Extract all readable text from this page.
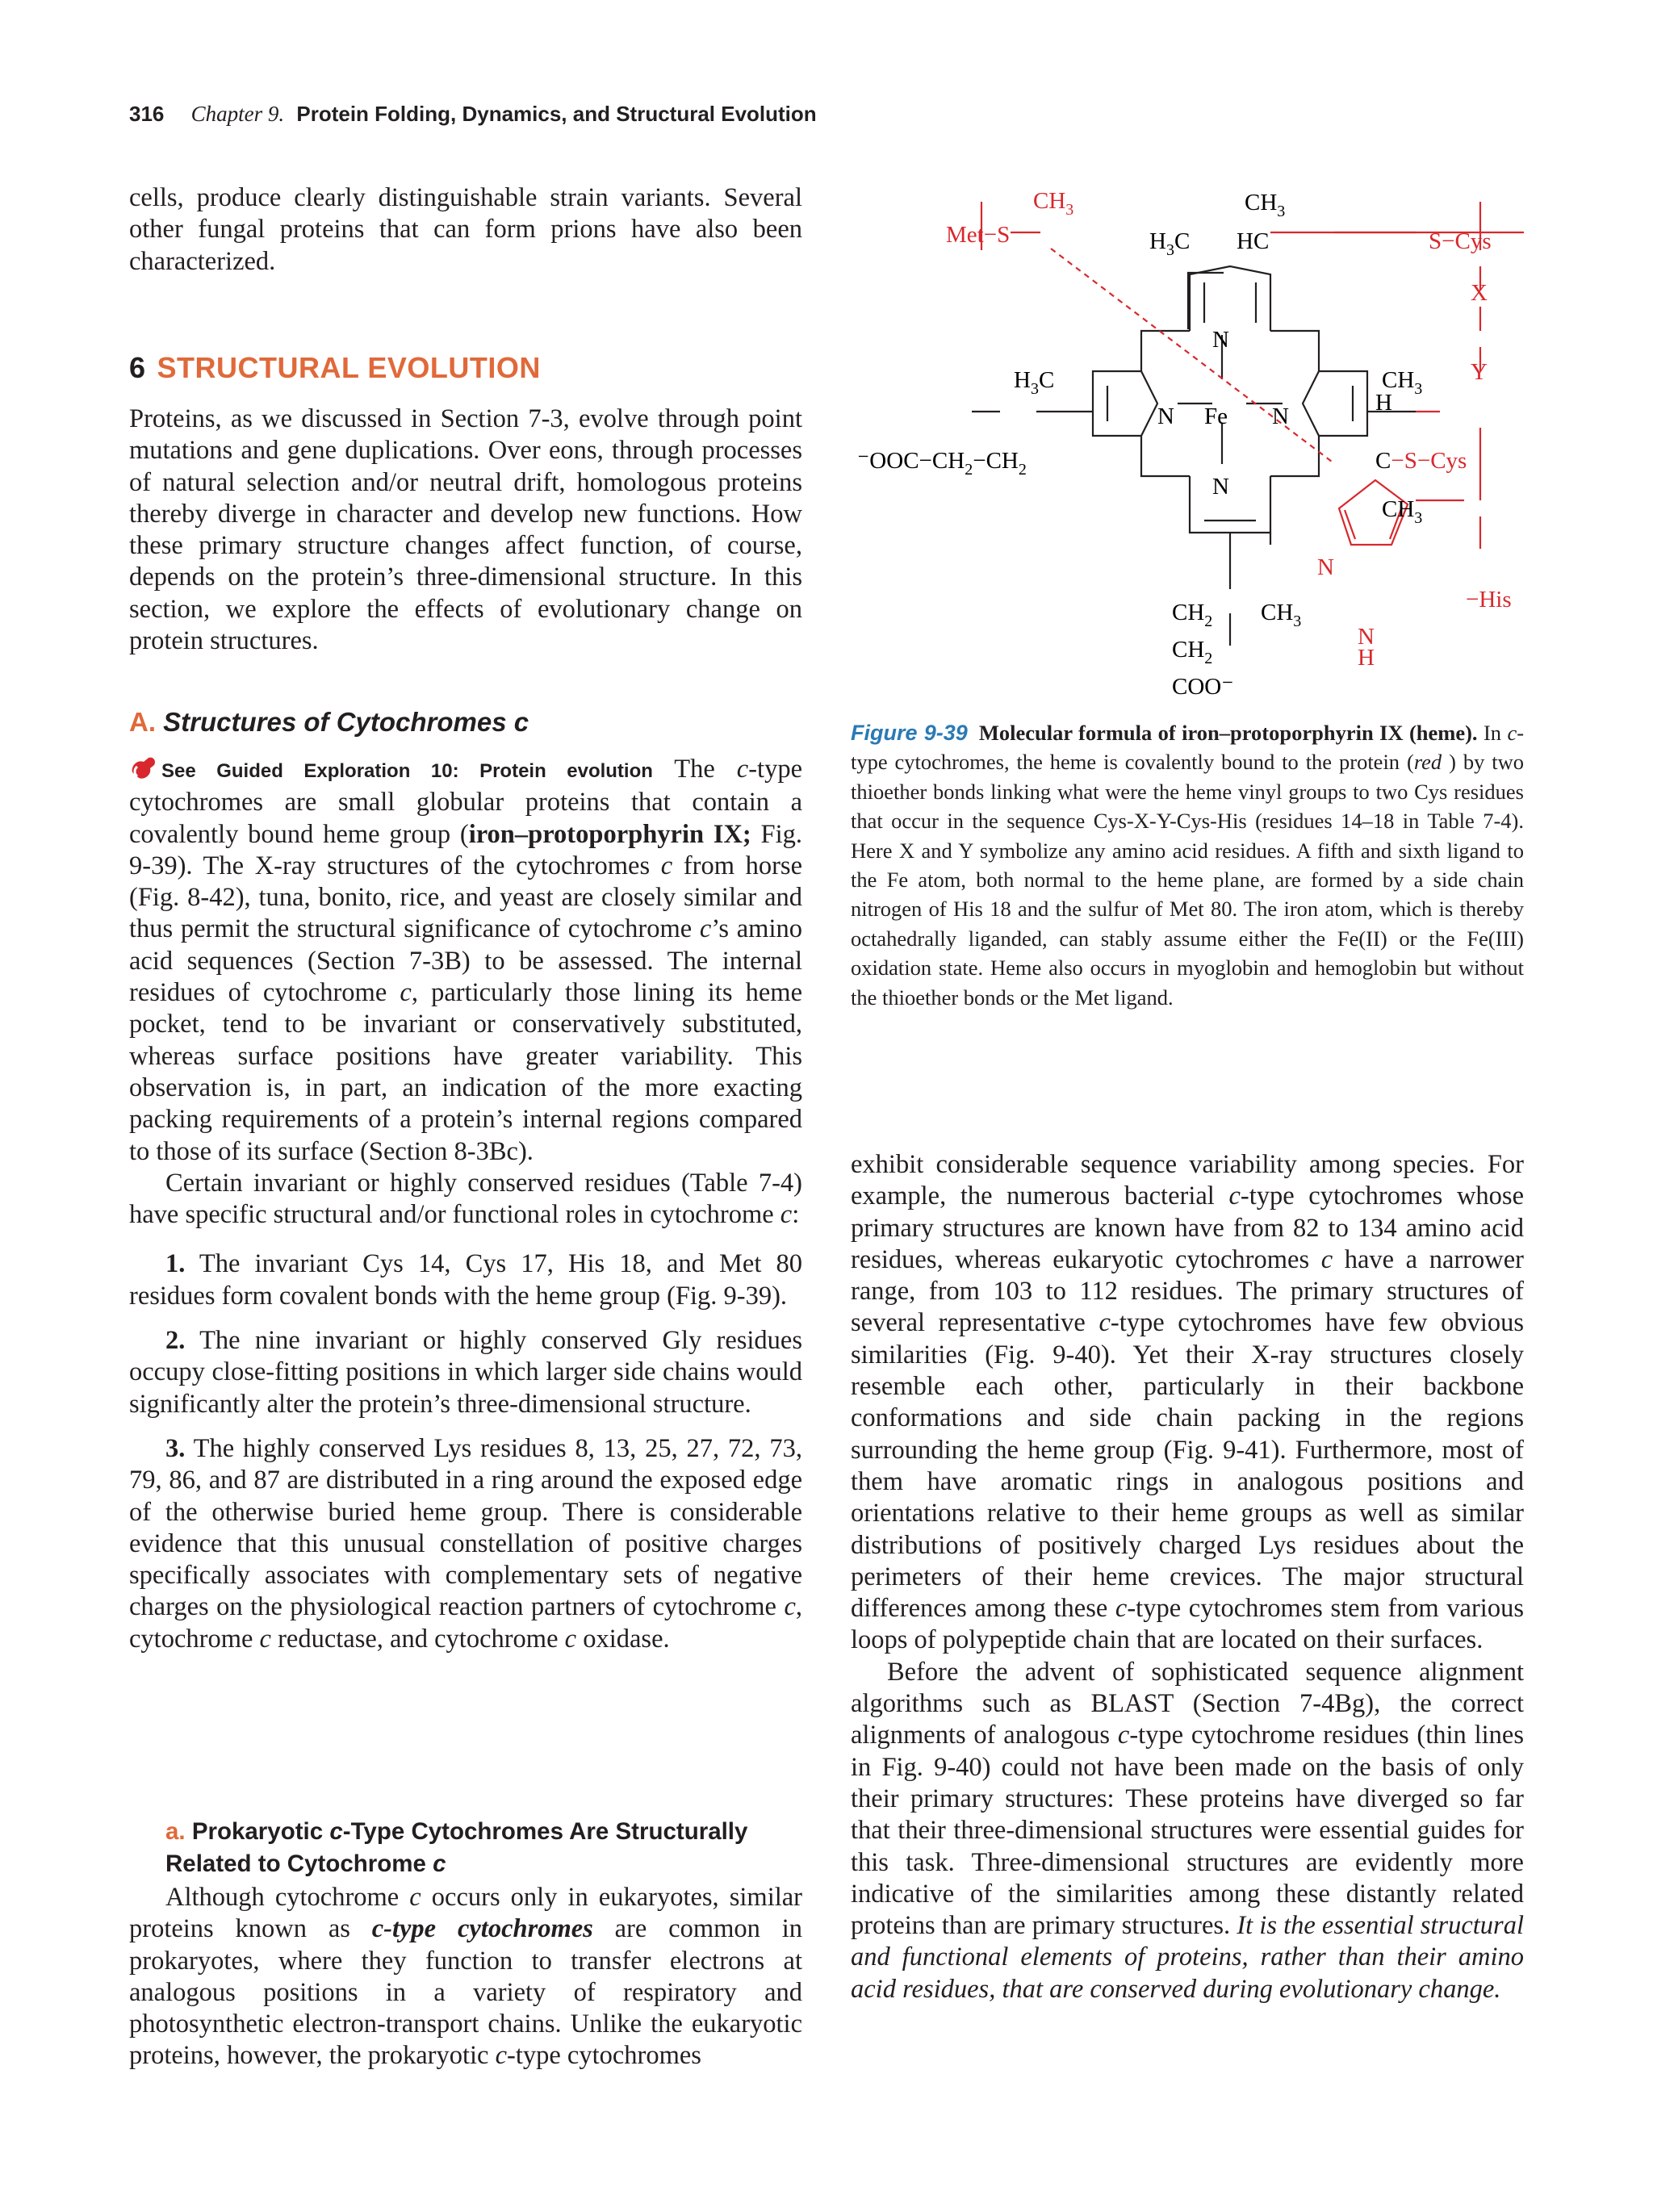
316 Chapter 9. Protein Folding, Dynamics, and Structural Evolution

cells, produce clearly distinguishable strain variants. Several other fungal proteins that can form prions have also been characterized.

6 STRUCTURAL EVOLUTION

Proteins, as we discussed in Section 7-3, evolve through point mutations and gene duplications. Over eons, through processes of natural selection and/or neutral drift, homologous proteins thereby diverge in character and develop new functions. How these primary structure changes affect function, of course, depends on the protein’s three-dimensional structure. In this section, we explore the effects of evolutionary change on protein structures.

A. Structures of Cytochromes c

See Guided Exploration 10: Protein evolution The c-type cytochromes are small globular proteins that contain a covalently bound heme group (iron–protoporphyrin IX; Fig. 9-39). The X-ray structures of the cytochromes c from horse (Fig. 8-42), tuna, bonito, rice, and yeast are closely similar and thus permit the structural significance of cytochrome c’s amino acid sequences (Section 7-3B) to be assessed. The internal residues of cytochrome c, particularly those lining its heme pocket, tend to be invariant or conservatively substituted, whereas surface positions have greater variability. This observation is, in part, an indication of the more exacting packing requirements of a protein’s internal regions compared to those of its surface (Section 8-3Bc).

Certain invariant or highly conserved residues (Table 7-4) have specific structural and/or functional roles in cytochrome c:

1. The invariant Cys 14, Cys 17, His 18, and Met 80 residues form covalent bonds with the heme group (Fig. 9-39).

2. The nine invariant or highly conserved Gly residues occupy close-fitting positions in which larger side chains would significantly alter the protein’s three-dimensional structure.

3. The highly conserved Lys residues 8, 13, 25, 27, 72, 73, 79, 86, and 87 are distributed in a ring around the exposed edge of the otherwise buried heme group. There is considerable evidence that this unusual constellation of positive charges specifically associates with complementary sets of negative charges on the physiological reaction partners of cytochrome c, cytochrome c reductase, and cytochrome c oxidase.

a. Prokaryotic c-Type Cytochromes Are Structurally Related to Cytochrome c

Although cytochrome c occurs only in eukaryotes, similar proteins known as c-type cytochromes are common in prokaryotes, where they function to transfer electrons at analogous positions in a variety of respiratory and photosynthetic electron-transport chains. Unlike the eukaryotic proteins, however, the prokaryotic c-type cytochromes

Met−S
$CH_3$	$CH_3$
$H_3C$ HC	S−Cys
X
Y
N
$H_3C$	$CH_3$
N Fe N
H
$^-OOC-CH_2-CH_2$	C−S−Cys
N
$CH_3$
N
−His
$CH_2$ $CH_3$
N
H
$CH_2$
COO⁻
Figure 9-39 Molecular formula of iron–protoporphyrin IX (heme). In c-type cytochromes, the heme is covalently bound to the protein (red ) by two thioether bonds linking what were the heme vinyl groups to two Cys residues that occur in the sequence Cys-X-Y-Cys-His (residues 14–18 in Table 7-4). Here X and Y symbolize any amino acid residues. A fifth and sixth ligand to the Fe atom, both normal to the heme plane, are formed by a side chain nitrogen of His 18 and the sulfur of Met 80. The iron atom, which is thereby octahedrally liganded, can stably assume either the Fe(II) or the Fe(III) oxidation state. Heme also occurs in myoglobin and hemoglobin but without the thioether bonds or the Met ligand.

exhibit considerable sequence variability among species. For example, the numerous bacterial c-type cytochromes whose primary structures are known have from 82 to 134 amino acid residues, whereas eukaryotic cytochromes c have a narrower range, from 103 to 112 residues. The primary structures of several representative c-type cytochromes have few obvious similarities (Fig. 9-40). Yet their X-ray structures closely resemble each other, particularly in their backbone conformations and side chain packing in the regions surrounding the heme group (Fig. 9-41). Furthermore, most of them have aromatic rings in analogous positions and orientations relative to their heme groups as well as similar distributions of positively charged Lys residues about the perimeters of their heme crevices. The major structural differences among these c-type cytochromes stem from various loops of polypeptide chain that are located on their surfaces.

Before the advent of sophisticated sequence alignment algorithms such as BLAST (Section 7-4Bg), the correct alignments of analogous c-type cytochrome residues (thin lines in Fig. 9-40) could not have been made on the basis of only their primary structures: These proteins have diverged so far that their three-dimensional structures were essential guides for this task. Three-dimensional structures are evidently more indicative of the similarities among these distantly related proteins than are primary structures. It is the essential structural and functional elements of proteins, rather than their amino acid residues, that are conserved during evolutionary change.
